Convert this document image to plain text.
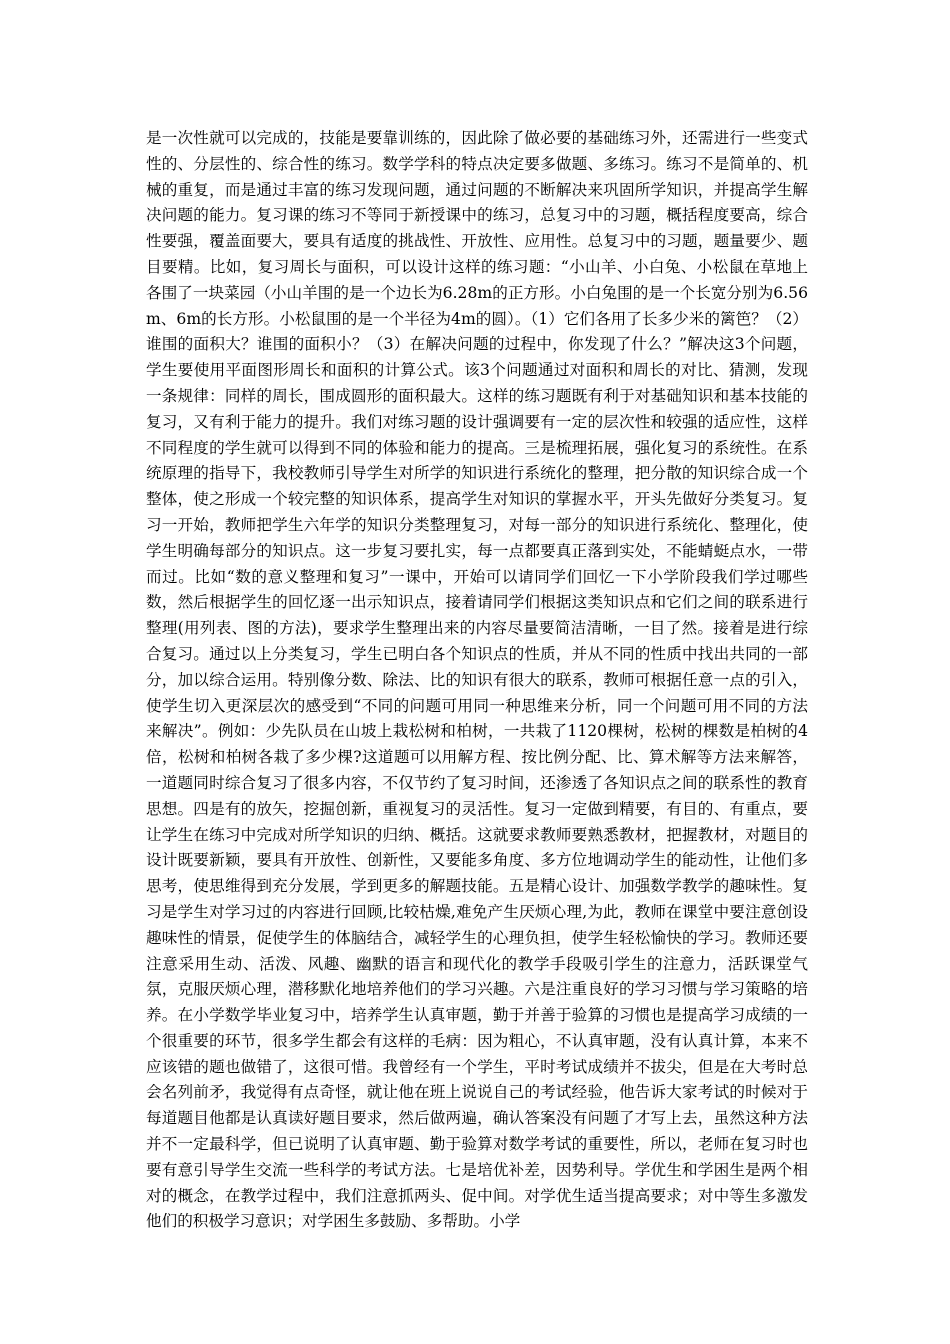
是一次性就可以完成的，技能是要靠训练的，因此除了做必要的基础练习外，还需进行一些变式性的、分层性的、综合性的练习。数学学科的特点决定要多做题、多练习。练习不是简单的、机械的重复，而是通过丰富的练习发现问题，通过问题的不断解决来巩固所学知识，并提高学生解决问题的能力。复习课的练习不等同于新授课中的练习，总复习中的习题，概括程度要高，综合性要强，覆盖面要大，要具有适度的挑战性、开放性、应用性。总复习中的习题，题量要少、题目要精。比如，复习周长与面积，可以设计这样的练习题：“小山羊、小白兔、小松鼠在草地上各围了一块菜园（小山羊围的是一个边长为6.28m的正方形。小白兔围的是一个长宽分别为6.56m、6m的长方形。小松鼠围的是一个半径为4m的圆）。（1）它们各用了长多少米的篱笆？（2）谁围的面积大？谁围的面积小？（3）在解决问题的过程中，你发现了什么？”解决这3个问题，学生要使用平面图形周长和面积的计算公式。该3个问题通过对面积和周长的对比、猜测，发现一条规律：同样的周长，围成圆形的面积最大。这样的练习题既有利于对基础知识和基本技能的复习，又有利于能力的提升。我们对练习题的设计强调要有一定的层次性和较强的适应性，这样不同程度的学生就可以得到不同的体验和能力的提高。三是梳理拓展，强化复习的系统性。在系统原理的指导下，我校教师引导学生对所学的知识进行系统化的整理，把分散的知识综合成一个整体，使之形成一个较完整的知识体系，提高学生对知识的掌握水平，开头先做好分类复习。复习一开始，教师把学生六年学的知识分类整理复习，对每一部分的知识进行系统化、整理化，使学生明确每部分的知识点。这一步复习要扎实，每一点都要真正落到实处，不能蜻蜓点水，一带而过。比如“数的意义整理和复习”一课中，开始可以请同学们回忆一下小学阶段我们学过哪些数，然后根据学生的回忆逐一出示知识点，接着请同学们根据这类知识点和它们之间的联系进行整理(用列表、图的方法)，要求学生整理出来的内容尽量要简洁清晰，一目了然。接着是进行综合复习。通过以上分类复习，学生已明白各个知识点的性质，并从不同的性质中找出共同的一部分，加以综合运用。特别像分数、除法、比的知识有很大的联系，教师可根据任意一点的引入，使学生切入更深层次的感受到“不同的问题可用同一种思维来分析，同一个问题可用不同的方法来解决”。例如：少先队员在山坡上栽松树和柏树，一共栽了1120棵树，松树的棵数是柏树的4倍，松树和柏树各栽了多少棵?这道题可以用解方程、按比例分配、比、算术解等方法来解答，一道题同时综合复习了很多内容，不仅节约了复习时间，还渗透了各知识点之间的联系性的教育思想。四是有的放矢，挖掘创新，重视复习的灵活性。复习一定做到精要，有目的、有重点，要让学生在练习中完成对所学知识的归纳、概括。这就要求教师要熟悉教材，把握教材，对题目的设计既要新颖，要具有开放性、创新性，又要能多角度、多方位地调动学生的能动性，让他们多思考，使思维得到充分发展，学到更多的解题技能。五是精心设计、加强数学教学的趣味性。复习是学生对学习过的内容进行回顾,比较枯燥,难免产生厌烦心理,为此，教师在课堂中要注意创设趣味性的情景，促使学生的体脑结合，减轻学生的心理负担，使学生轻松愉快的学习。教师还要注意采用生动、活泼、风趣、幽默的语言和现代化的教学手段吸引学生的注意力，活跃课堂气氛，克服厌烦心理，潜移默化地培养他们的学习兴趣。六是注重良好的学习习惯与学习策略的培养。在小学数学毕业复习中，培养学生认真审题，勤于并善于验算的习惯也是提高学习成绩的一个很重要的环节，很多学生都会有这样的毛病：因为粗心，不认真审题，没有认真计算，本来不应该错的题也做错了，这很可惜。我曾经有一个学生，平时考试成绩并不拔尖，但是在大考时总会名列前矛，我觉得有点奇怪，就让他在班上说说自己的考试经验，他告诉大家考试的时候对于每道题目他都是认真读好题目要求，然后做两遍，确认答案没有问题了才写上去，虽然这种方法并不一定最科学，但已说明了认真审题、勤于验算对数学考试的重要性，所以，老师在复习时也要有意引导学生交流一些科学的考试方法。七是培优补差，因势利导。学优生和学困生是两个相对的概念，在教学过程中，我们注意抓两头、促中间。对学优生适当提高要求；对中等生多激发他们的积极学习意识；对学困生多鼓励、多帮助。小学
